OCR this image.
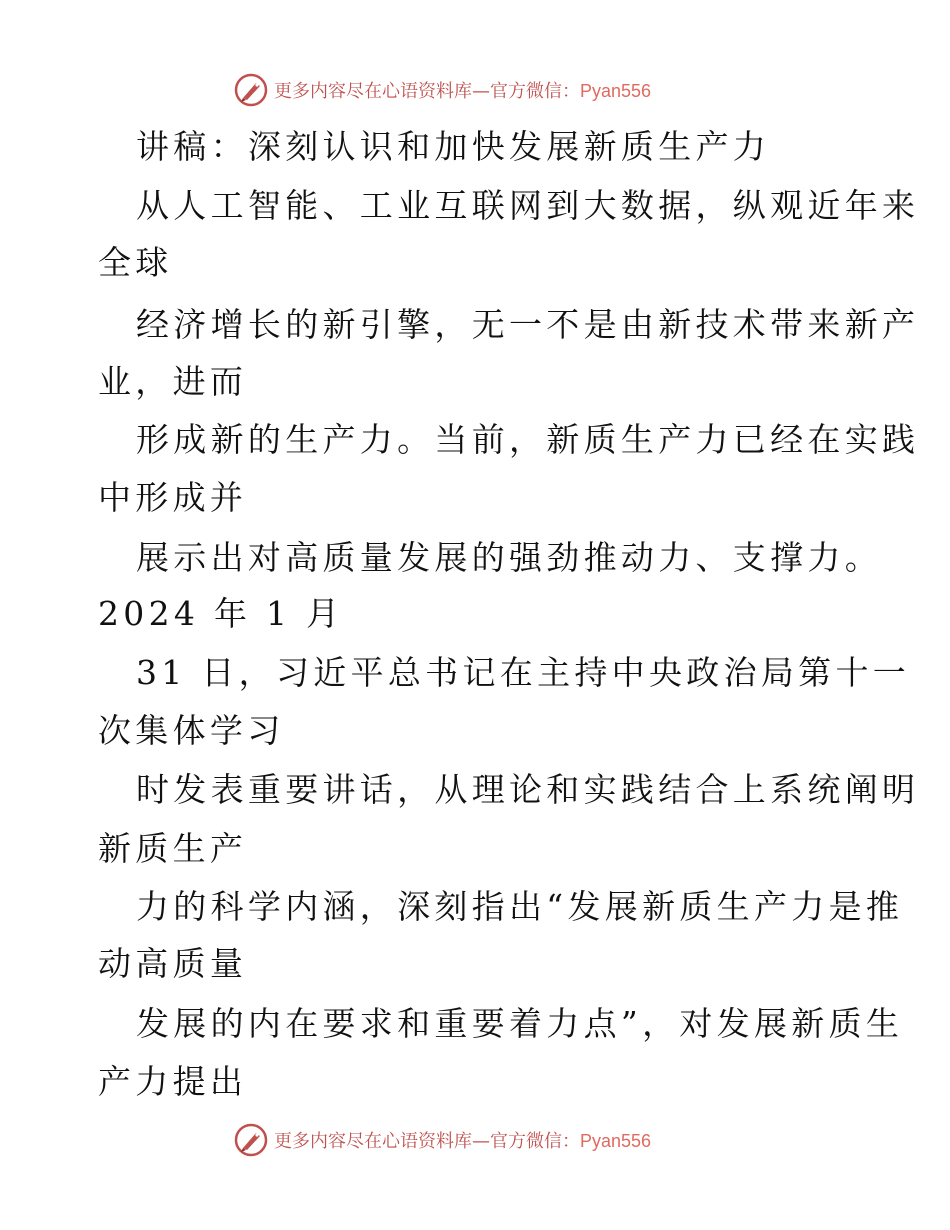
更多内容尽在心语资料库—官方微信：Pyan556
讲稿：深刻认识和加快发展新质生产力
从人工智能、工业互联网到大数据，纵观近年来
全球
经济增长的新引擎，无一不是由新技术带来新产
业，进而
形成新的生产力。当前，新质生产力已经在实践
中形成并
展示出对高质量发展的强劲推动力、支撑力。
2024 年 1 月
31 日，习近平总书记在主持中央政治局第十一
次集体学习
时发表重要讲话，从理论和实践结合上系统阐明
新质生产
力的科学内涵，深刻指出“发展新质生产力是推
动高质量
发展的内在要求和重要着力点”，对发展新质生
产力提出
更多内容尽在心语资料库—官方微信：Pyan556
